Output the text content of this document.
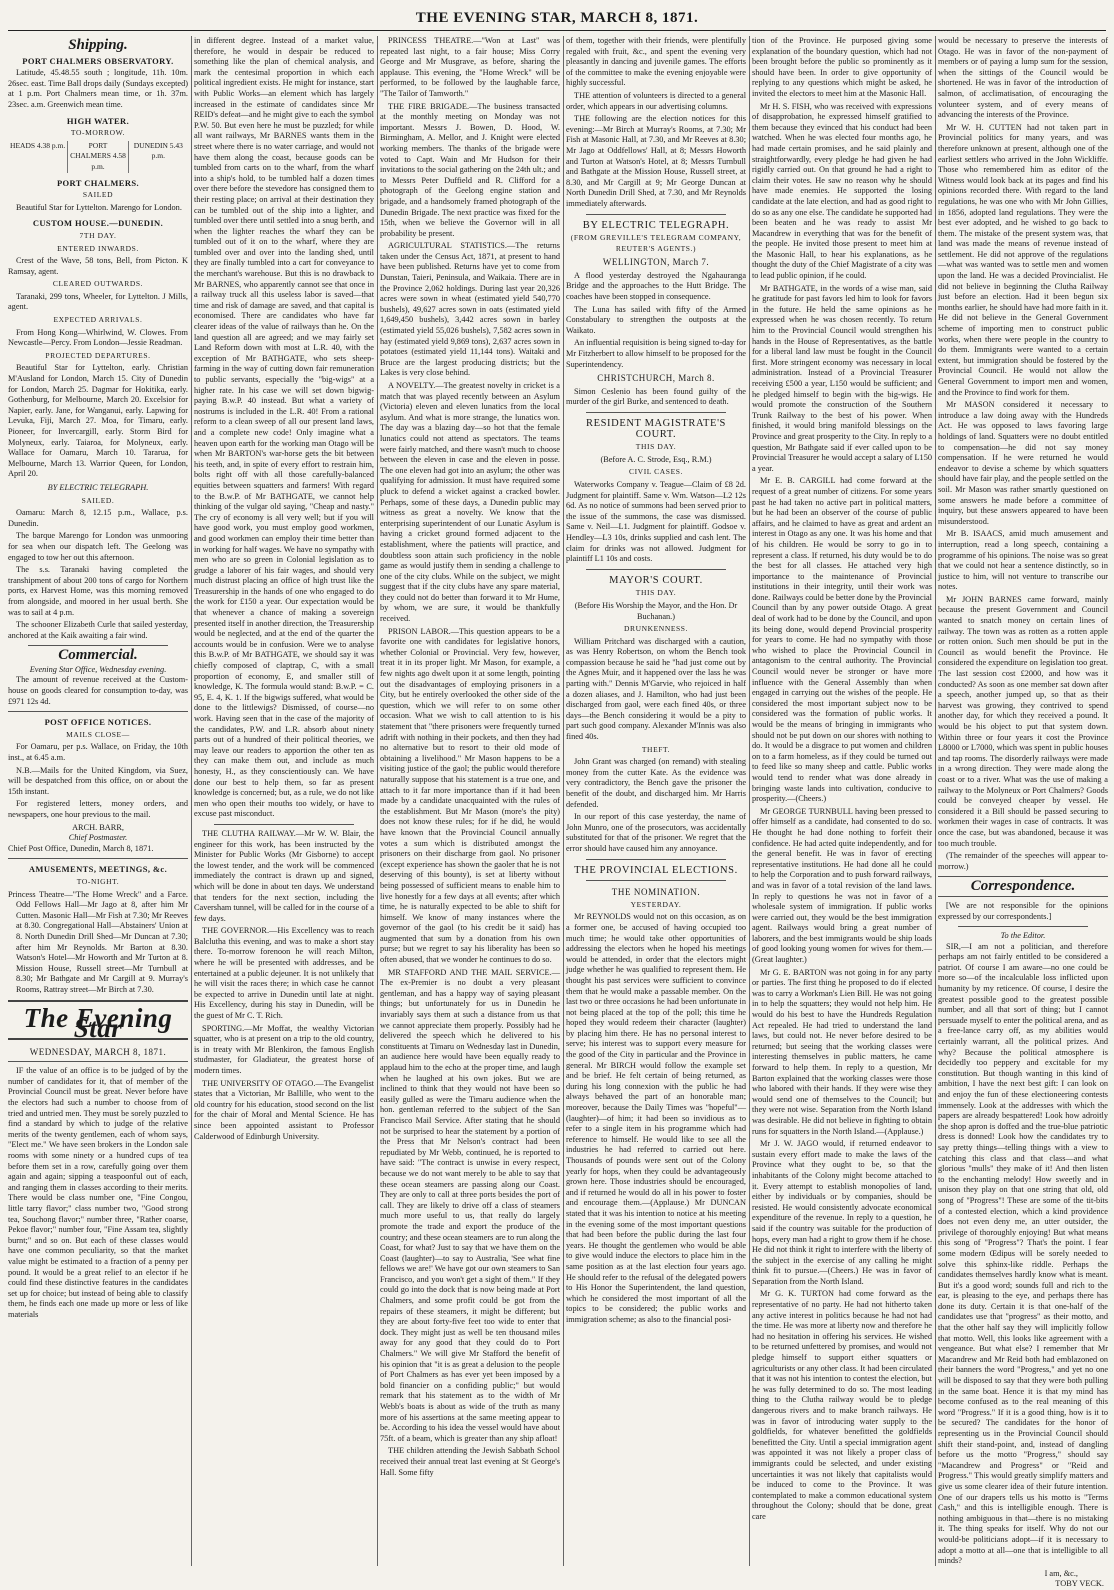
THE EVENING STAR, MARCH 8, 1871.
Shipping.
PORT CHALMERS OBSERVATORY.

Latitude, 45.48.55 south ; longitude, 11h. 10m. 26sec. east. Time Ball drops daily (Sundays excepted) at 1 p.m. Port Chalmers mean time, or 1h. 37m. 23sec. a.m. Greenwich mean time.

HIGH WATER.
TO-MORROW.
HEADS 4.38 p.m.	PORT CHALMERS 4.58 p.m.
DUNEDIN 5.43 p.m.
PORT CHALMERS.
SAILED

Beautiful Star for Lyttelton. Marengo for London.

CUSTOM HOUSE.—DUNEDIN.
7TH DAY.
ENTERED INWARDS.

Crest of the Wave, 58 tons, Bell, from Picton. K Ramsay, agent.

CLEARED OUTWARDS.

Taranaki, 299 tons, Wheeler, for Lyttelton. J Mills, agent.

EXPECTED ARRIVALS.

From Hong Kong—Whirlwind, W. Clowes. From Newcastle—Percy. From London—Jessie Readman.

PROJECTED DEPARTURES.

Beautiful Star for Lyttelton, early. Christian M'Ausland for London, March 15. City of Dunedin for London, March 25. Dagmar for Hokitika, early. Gothenburg, for Melbourne, March 20. Excelsior for Napier, early. Jane, for Wanganui, early. Lapwing for Levuka, Fiji, March 27. Moa, for Timaru, early. Pioneer, for Invercargill, early. Storm Bird for Molyneux, early. Taiaroa, for Molyneux, early. Wallace for Oamaru, March 10. Tararua, for Melbourne, March 13. Warrior Queen, for London, April 20.

BY ELECTRIC TELEGRAPH.
SAILED.

Oamaru: March 8, 12.15 p.m., Wallace, p.s. Dunedin.

The barque Marengo for London was unmooring for sea when our dispatch left. The Geelong was engaged to tow her out this afternoon.

The s.s. Taranaki having completed the transhipment of about 200 tons of cargo for Northern ports, ex Harvest Home, was this morning removed from alongside, and moored in her usual berth. She was to sail at 4 p.m.

The schooner Elizabeth Curle that sailed yesterday, anchored at the Kaik awaiting a fair wind.

Commercial.
Evening Star Office, Wednesday evening.

The amount of revenue received at the Custom-house on goods cleared for consumption to-day, was £971 12s 4d.

POST OFFICE NOTICES.
MAILS CLOSE—

For Oamaru, per p.s. Wallace, on Friday, the 10th inst., at 6.45 a.m.

N.B.—Mails for the United Kingdom, via Suez, will be despatched from this office, on or about the 15th instant.

For registered letters, money orders, and newspapers, one hour previous to the mail.

ARCH. BARR,
Chief Postmaster.

Chief Post Office, Dunedin, March 8, 1871.

AMUSEMENTS, MEETINGS, &c.
TO-NIGHT.

Princess Theatre—"The Home Wreck" and a Farce. Odd Fellows Hall—Mr Jago at 8, after him Mr Cutten. Masonic Hall—Mr Fish at 7.30; Mr Reeves at 8.30. Congregational Hall—Abstainers' Union at 8. North Dunedin Drill Shed—Mr Duncan at 7.30; after him Mr Reynolds. Mr Barton at 8.30. Watson's Hotel—Mr Howorth and Mr Turton at 8. Mission House, Russell street—Mr Turnbull at 8.30; Mr Bathgate and Mr Cargill at 9. Murray's Rooms, Rattray street—Mr Birch at 7.30.

The Evening Star
WEDNESDAY, MARCH 8, 1871.

IF the value of an office is to be judged of by the number of candidates for it, that of member of the Provincial Council must be great. Never before have the electors had such a number to choose from of tried and untried men. They must be sorely puzzled to find a standard by which to judge of the relative merits of the twenty gentlemen, each of whom says, "Elect me." We have seen brokers in the London sale rooms with some ninety or a hundred cups of tea before them set in a row, carefully going over them again and again; sipping a teaspoonful out of each, and ranging them in classes according to their merits. There would be class number one, "Fine Congou, little tarry flavor;" class number two, "Good strong tea, Souchong flavor;" number three, "Rather coarse, Pekoe flavor;" number four, "Fine Assam tea, slightly burnt;" and so on. But each of these classes would have one common peculiarity, so that the market value might be estimated to a fraction of a penny per pound. It would be a great relief to an elector if he could find these distinctive features in the candidates set up for choice; but instead of being able to classify them, he finds each one made up more or less of like materials

in different degree. Instead of a market value, therefore, he would in despair be reduced to something like the plan of chemical analysis, and mark the centesimal proportion in which each political ingredient exists. He might for instance, start with Public Works—an element which has largely increased in the estimate of candidates since Mr REID's defeat—and he might give to each the symbol P.W. 50. But even here he must be puzzled; for while all want railways, Mr BARNES wants them in the street where there is no water carriage, and would not have them along the coast, because goods can be tumbled from carts on to the wharf, from the wharf into a ship's hold, to be tumbled half a dozen times over there before the stevedore has consigned them to their resting place; on arrival at their destination they can be tumbled out of the ship into a lighter, and tumbled over there until settled into a snug berth, and when the lighter reaches the wharf they can be tumbled out of it on to the wharf, where they are tumbled over and over into the landing shed, until they are finally tumbled into a cart for conveyance to the merchant's warehouse. But this is no drawback to Mr BARNES, who apparently cannot see that once in a railway truck all this useless labor is saved—that time and risk of damage are saved, and that capital is economised. There are candidates who have far clearer ideas of the value of railways than he. On the land question all are agreed; and we may fairly set Land Reform down with most at L.R. 40, with the exception of Mr BATHGATE, who sets sheep-farming in the way of cutting down fair remuneration to public servants, especially the "big-wigs" at a higher rate. In his case we will set down bigwig-paying B.w.P. 40 instead. But what a variety of nostrums is included in the L.R. 40! From a rational reform to a clean sweep of all our present land laws, and a complete new code! Only imagine what a heaven upon earth for the working man Otago will be when Mr BARTON's war-horse gets the bit between his teeth, and, in spite of every effort to restrain him, bolts right off with all those carefully-balanced equities between squatters and farmers! With regard to the B.w.P. of Mr BATHGATE, we cannot help thinking of the vulgar old saying, "Cheap and nasty." The cry of economy is all very well; but if you will have good work, you must employ good workmen, and good workmen can employ their time better than in working for half wages. We have no sympathy with men who are so green in Colonial legislation as to grudge a laborer of his fair wages, and should very much distrust placing an office of high trust like the Treasurership in the hands of one who engaged to do the work for £150 a year. Our expectation would be that whenever a chance of making a sovereign presented itself in another direction, the Treasurership would be neglected, and at the end of the quarter the accounts would be in confusion. Were we to analyse this B.w.P. of Mr BATHGATE, we should say it was chiefly composed of claptrap, C, with a small proportion of economy, E, and smaller still of knowledge, K. The formula would stand: B.w.P. = C. 95, E. 4, K. 1. If the bigwigs suffered, what would be done to the littlewigs? Dismissed, of course—no work. Having seen that in the case of the majority of the candidates, P.W. and L.R. absorb about ninety parts out of a hundred of their political theories, we may leave our readers to apportion the other ten as they can make them out, and include as much honesty, H., as they conscientiously can. We have done our best to help them, so far as present knowledge is concerned; but, as a rule, we do not like men who open their mouths too widely, or have to excuse past misconduct.

THE CLUTHA RAILWAY.—Mr W. W. Blair, the engineer for this work, has been instructed by the Minister for Public Works (Mr Gisborne) to accept the lowest tender, and the work will be commenced immediately the contract is drawn up and signed, which will be done in about ten days. We understand that tenders for the next section, including the Caversham tunnel, will be called for in the course of a few days.

THE GOVERNOR.—His Excellency was to reach Balclutha this evening, and was to make a short stay there. To-morrow forenoon he will reach Milton, where he will be presented with addresses, and be entertained at a public dejeuner. It is not unlikely that he will visit the races there; in which case he cannot be expected to arrive in Dunedin until late at night. His Excellency, during his stay in Dunedin, will be the guest of Mr C. T. Rich.

SPORTING.—Mr Moffat, the wealthy Victorian squatter, who is at present on a trip to the old country, is in treaty with Mr Blenkiron, the famous English studmaster, for Gladiateur, the greatest horse of modern times.

THE UNIVERSITY OF OTAGO.—The Evangelist states that a Victorian, Mr Ballille, who went to the old country for his education, stood second on the list for the chair of Moral and Mental Science. He has since been appointed assistant to Professor Calderwood of Edinburgh University.

PRINCESS THEATRE.—"Won at Last" was repeated last night, to a fair house; Miss Corry George and Mr Musgrave, as before, sharing the applause. This evening, the "Home Wreck" will be performed, to be followed by the laughable farce, "The Tailor of Tamworth."

THE FIRE BRIGADE.—The business transacted at the monthly meeting on Monday was not important. Messrs J. Bowen, D. Hood, W. Birmingham, A. Mellor, and J. Knight were elected working members. The thanks of the brigade were voted to Capt. Wain and Mr Hudson for their invitations to the social gathering on the 24th ult.; and to Messrs Peter Duffield and R. Clifford for a photograph of the Geelong engine station and brigade, and a handsomely framed photograph of the Dunedin Brigade. The next practice was fixed for the 15th, when we believe the Governor will in all probability be present.

AGRICULTURAL STATISTICS.—The returns taken under the Census Act, 1871, at present to hand have been published. Returns have yet to come from Dunstan, Taieri, Peninsula, and Waikaia. There are in the Province 2,062 holdings. During last year 20,326 acres were sown in wheat (estimated yield 540,770 bushels), 49,627 acres sown in oats (estimated yield 1,649,450 bushels), 3,442 acres sown in barley (estimated yield 55,026 bushels), 7,582 acres sown in hay (estimated yield 9,869 tons), 2,637 acres sown in potatoes (estimated yield 11,144 tons). Waitaki and Bruce are the largest producing districts; but the Lakes is very close behind.

A NOVELTY.—The greatest novelty in cricket is a match that was played recently between an Asylum (Victoria) eleven and eleven lunatics from the local asylum. And what is more strange, the lunatics won. The day was a blazing day—so hot that the female lunatics could not attend as spectators. The teams were fairly matched, and there wasn't much to choose between the eleven in case and the eleven in posse. The one eleven had got into an asylum; the other was qualifying for admission. It must have required some pluck to defend a wicket against a cracked bowler. Perhaps, some of these days, a Dunedin public may witness as great a novelty. We know that the enterprising superintendent of our Lunatic Asylum is having a cricket ground formed adjacent to the establishment, where the patients will practice, and doubtless soon attain such proficiency in the noble game as would justify them in sending a challenge to one of the city clubs. While on the subject, we might suggest that if the city clubs have any spare material, they could not do better than forward it to Mr Hume, by whom, we are sure, it would be thankfully received.

PRISON LABOR.—This question appears to be a favorite one with candidates for legislative honors, whether Colonial or Provincial. Very few, however, treat it in its proper light. Mr Mason, for example, a few nights ago dwelt upon it at some length, pointing out the disadvantages of employing prisoners in a City, but he entirely overlooked the other side of the question, which we will refer to on some other occasion. What we wish to call attention to is his statement that "there prisoners were frequently turned adrift with nothing in their pockets, and then they had no alternative but to resort to their old mode of obtaining a livelihood." Mr Mason happens to be a visiting justice of the gaol; the public would therefore naturally suppose that his statement is a true one, and attach to it far more importance than if it had been made by a candidate unacquainted with the rules of the establishment. But Mr Mason (more's the pity) does not know these rules; for if he did, he would have known that the Provincial Council annually votes a sum which is distributed amongst the prisoners on their discharge from gaol. No prisoner (except experience has shown the gaoler that he is not deserving of this bounty), is set at liberty without being possessed of sufficient means to enable him to live honestly for a few days at all events; after which time, he is naturally expected to be able to shift for himself. We know of many instances where the governor of the gaol (to his credit be it said) has augmented that sum by a donation from his own purse; but we regret to say his liberality has been so often abused, that we wonder he continues to do so.

MR STAFFORD AND THE MAIL SERVICE.—The ex-Premier is no doubt a very pleasant gentleman, and has a happy way of saying pleasant things; but unfortunately for us in Dunedin he invariably says them at such a distance from us that we cannot appreciate them properly. Possibly had he delivered the speech which he delivered to his constituents at Timaru on Wednesday last in Dunedin, an audience here would have been equally ready to applaud him to the echo at the proper time, and laugh when he laughed at his own jokes. But we are inclined to think that they would not have been so easily gulled as were the Timaru audience when the hon. gentleman referred to the subject of the San Francisco Mail Service. After stating that he should not be surprised to hear the statement by a portion of the Press that Mr Nelson's contract had been repudiated by Mr Webb, continued, he is reported to have said: "The contract is unwise in every respect, because we do not want merely to be able to say that these ocean steamers are passing along our Coast. They are only to call at three ports besides the port of call. They are likely to drive off a class of steamers much more useful to us, that really do largely promote the trade and export the produce of the country; and these ocean steamers are to run along the Coast, for what? Just to say that we have them on the Coast (laughter)—to say to Australia, 'See what fine fellows we are!' We have got our own steamers to San Francisco, and you won't get a sight of them." If they could go into the dock that is now being made at Port Chalmers, and some profit could be got from the repairs of these steamers, it might be different; but they are about forty-five feet too wide to enter that dock. They might just as well be ten thousand miles away for any good that they could do to Port Chalmers." We will give Mr Stafford the benefit of his opinion that "it is as great a delusion to the people of Port Chalmers as has ever yet been imposed by a bold financier on a confiding public;" but would remark that his statement as to the width of Mr Webb's boats is about as wide of the truth as many more of his assertions at the same meeting appear to be. According to his idea the vessel would have about 75ft. of a beam, which is greater than any ship afloat!

THE children attending the Jewish Sabbath School received their annual treat last evening at St George's Hall. Some fifty

of them, together with their friends, were plentifully regaled with fruit, &c., and spent the evening very pleasantly in dancing and juvenile games. The efforts of the committee to make the evening enjoyable were highly successful.

THE attention of volunteers is directed to a general order, which appears in our advertising columns.

THE following are the election notices for this evening:—Mr Birch at Murray's Rooms, at 7.30; Mr Fish at Masonic Hall, at 7.30, and Mr Reeves at 8.30; Mr Jago at Oddfellows' Hall, at 8; Messrs Howorth and Turton at Watson's Hotel, at 8; Messrs Turnbull and Bathgate at the Mission House, Russell street, at 8.30, and Mr Cargill at 9; Mr George Duncan at North Dunedin Drill Shed, at 7.30, and Mr Reynolds immediately afterwards.

BY ELECTRIC TELEGRAPH.
(FROM GREVILLE'S TELEGRAM COMPANY, REUTER'S AGENTS.)
WELLINGTON, March 7.

A flood yesterday destroyed the Ngahauranga Bridge and the approaches to the Hutt Bridge. The coaches have been stopped in consequence.

The Luna has sailed with fifty of the Armed Constabulary to strengthen the outposts at the Waikato.

An influential requisition is being signed to-day for Mr Fitzherbert to allow himself to be proposed for the Superintendency.

CHRISTCHURCH, March 8.

Simon Ceslenio has been found guilty of the murder of the girl Burke, and sentenced to death.

RESIDENT MAGISTRATE'S COURT.
THIS DAY.
(Before A. C. Strode, Esq., R.M.)
CIVIL CASES.

Waterworks Company v. Teague—Claim of £8 2d. Judgment for plaintiff. Same v. Wm. Watson—L2 12s 6d. As no notice of summons had been served prior to the issue of the summons, the case was dismissed. Same v. Neil—L1. Judgment for plaintiff. Godsoe v. Hendley—L3 10s, drinks supplied and cash lent. The claim for drinks was not allowed. Judgment for plaintiff L1 10s and costs.

MAYOR'S COURT.
THIS DAY.
(Before His Worship the Mayor, and the Hon. Dr Buchanan.)
DRUNKENNESS.

William Pritchard was discharged with a caution, as was Henry Robertson, on whom the Bench took compassion because he said he "had just come out by the Agnes Muir, and it happened over the lass he was parting with." Dennis M'Garvie, who rejoiced in half a dozen aliases, and J. Hamilton, who had just been discharged from gaol, were each fined 40s, or three days—the Bench considering it would be a pity to part such good company. Alexander M'Innis was also fined 40s.

THEFT.

John Grant was charged (on remand) with stealing money from the cutter Kate. As the evidence was very contradictory, the Bench gave the prisoner the benefit of the doubt, and discharged him. Mr Harris defended.

In our report of this case yesterday, the name of John Munro, one of the prosecutors, was accidentally substituted for that of the prisoner. We regret that the error should have caused him any annoyance.

THE PROVINCIAL ELECTIONS.
THE NOMINATION.
YESTERDAY.

Mr REYNOLDS would not on this occasion, as on a former one, be accused of having occupied too much time; he would take other opportunities of addressing the electors when he hoped his meetings would be attended, in order that the electors might judge whether he was qualified to represent them. He thought his past services were sufficient to convince them that he would make a passable member. On the last two or three occasions he had been unfortunate in not being placed at the top of the poll; this time he hoped they would redeem their character (laughter) by placing him there. He has no personal interest to serve; his interest was to support every measure for the good of the City in particular and the Province in general. Mr BIRCH would follow the example set and be brief. He felt certain of being returned, as during his long connexion with the public he had always behaved the part of an honorable man; moreover, because the Daily Times was "hopeful"—(laughter)—of him; it had been so invidious as to refer to a single item in his programme which had reference to himself. He would like to see all the industries he had referred to carried out here. Thousands of pounds were sent out of the Colony yearly for hops, when they could be advantageously grown here. Those industries should be encouraged, and if returned he would do all in his power to foster and encourage them.—(Applause.) Mr DUNCAN stated that it was his intention to notice at his meeting in the evening some of the most important questions that had been before the public during the last four years. He thought the gentlemen who would be able to give would induce the electors to place him in the same position as at the last election four years ago. He should refer to the refusal of the delegated powers to His Honor the Superintendent, the land question, which he considered the most important of all the topics to be considered; the public works and immigration scheme; as also to the financial posi-

tion of the Province. He purposed giving some explanation of the boundary question, which had not been brought before the public so prominently as it should have been. In order to give opportunity of replying to any questions which might be asked, he invited the electors to meet him at the Masonic Hall.

Mr H. S. FISH, who was received with expressions of disapprobation, he expressed himself gratified to them because they evinced that his conduct had been watched. When he was elected four months ago, he had made certain promises, and he said plainly and straightforwardly, every pledge he had given he had rigidly carried out. On that ground he had a right to claim their votes. He saw no reason why he should have made enemies. He supported the losing candidate at the late election, and had as good right to do so as any one else. The candidate he supported had been beaten and he was ready to assist Mr Macandrew in everything that was for the benefit of the people. He invited those present to meet him at the Masonic Hall, to hear his explanations, as he thought the duty of the Chief Magistrate of a city was to lead public opinion, if he could.

Mr BATHGATE, in the words of a wise man, said he gratitude for past favors led him to look for favors in the future. He held the same opinions as he expressed when he was chosen recently. To return him to the Provincial Council would strengthen his hands in the House of Representatives, as the battle for a liberal land law must be fought in the Council first. More stringent economy was necessary in local administration. Instead of a Provincial Treasurer receiving £500 a year, L150 would be sufficient; and he pledged himself to begin with the big-wigs. He would promote the construction of the Southern Trunk Railway to the best of his power. When finished, it would bring manifold blessings on the Province and great prosperity to the City. In reply to a question, Mr Bathgate said if ever called upon to be Provincial Treasurer he would accept a salary of L150 a year.

Mr E. B. CARGILL had come forward at the request of a great number of citizens. For some years past he had taken no active part in political matters, but he had been an observer of the course of public affairs, and he claimed to have as great and ardent an interest in Otago as any one. It was his home and that of his children. He would be sorry to go in to represent a class. If returned, his duty would be to do the best for all classes. He attached very high importance to the maintenance of Provincial institutions in their integrity, until their work was done. Railways could be better done by the Provincial Council than by any power outside Otago. A great deal of work had to be done by the Council, and upon its being done, would depend Provincial prosperity for years to come. He had no sympathy with those who wished to place the Provincial Council in antagonism to the central authority. The Provincial Council would never be stronger or have more influence with the General Assembly than when engaged in carrying out the wishes of the people. He considered the most important subject now to be considered was the formation of public works. It would be the means of bringing in immigrants who should not be put down on our shores with nothing to do. It would be a disgrace to put women and children on to a farm homeless, as if they could be turned out to feed like so many sheep and cattle. Public works would tend to render what was done already in bringing waste lands into cultivation, conducive to prosperity.—(Cheers.)

Mr GEORGE TURNBULL having been pressed to offer himself as a candidate, had consented to do so. He thought he had done nothing to forfeit their confidence. He had acted quite independently, and for the general benefit. He was in favor of erecting representative institutions. He had done all he could to help the Corporation and to push forward railways, and was in favor of a total revision of the land laws. In reply to questions he was not in favor of a wholesale system of immigration. If public works were carried out, they would be the best immigration agent. Railways would bring a great number of laborers, and the best immigrants would be ship loads of good looking young women for wives for them.—(Great laughter.)

Mr G. E. BARTON was not going in for any party or parties. The first thing he proposed to do if elected was to carry a Workman's Lien Bill. He was not going in to help the squatters; they would not help him. He would do his best to have the Hundreds Regulation Act repealed. He had tried to understand the land laws, but could not. He never before desired to be returned; but seeing that the working classes were interesting themselves in public matters, he came forward to help them. In reply to a question, Mr Barton explained that the working classes were those who labored with their hands. If they were wise they would send one of themselves to the Council; but they were not wise. Separation from the North Island was desirable. He did not believe in fighting to obtain runs for squatters in the North Island.—(Applause.)

Mr J. W. JAGO would, if returned endeavor to sustain every effort made to make the laws of the Province what they ought to be, so that the inhabitants of the Colony might become attached to it. Every attempt to establish monopolies of land, either by individuals or by companies, should be resisted. He would consistently advocate economical expenditure of the revenue. In reply to a question, he said if the country was suitable for the production of hops, every man had a right to grow them if he chose. He did not think it right to interfere with the liberty of the subject in the exercise of any calling he might think fit to pursue.—(Cheers.) He was in favor of Separation from the North Island.

Mr G. K. TURTON had come forward as the representative of no party. He had not hitherto taken any active interest in politics because he had not had the time. He was more at liberty now and therefore he had no hesitation in offering his services. He wished to be returned unfettered by promises, and would not pledge himself to support either squatters or agriculturists or any other class. It had been circulated that it was not his intention to contest the election, but he was fully determined to do so. The most leading thing to the Clutha railway would be to pledge dangerous rivers and to make branch railways. He was in favor of introducing water supply to the goldfields, for whatever benefitted the goldfields benefitted the City. Until a special immigration agent was appointed it was not likely a proper class of immigrants could be selected, and under existing uncertainties it was not likely that capitalists would be induced to come to the Province. It was contemplated to make a common educational system throughout the Colony; should that be done, great care

would be necessary to preserve the interests of Otago. He was in favor of the non-payment of members or of paying a lump sum for the session, when the sittings of the Council would be shortened. He was in favor of the introduction of salmon, of acclimatisation, of encouraging the volunteer system, and of every means of advancing the interests of the Province.

Mr W. H. CUTTEN had not taken part in Provincial politics for many years, and was therefore unknown at present, although one of the earliest settlers who arrived in the John Wickliffe. Those who remembered him as editor of the Witness would look back at its pages and find his opinions recorded there. With regard to the land regulations, he was one who with Mr John Gillies, in 1856, adopted land regulations. They were the best ever adopted, and he wished to go back to them. The mistake of the present system was, that land was made the means of revenue instead of settlement. He did not approve of the regulations—what was wanted was to settle men and women upon the land. He was a decided Provincialist. He did not believe in beginning the Clutha Railway just before an election. Had it been begun six months earlier, he should have had more faith in it. He did not believe in the General Government scheme of importing men to construct public works, when there were people in the country to do them. Immigrants were wanted to a certain extent, but immigration should be fostered by the Provincial Council. He would not allow the General Government to import men and women, and the Province to find work for them.

Mr MASON considered it necessary to introduce a law doing away with the Hundreds Act. He was opposed to laws favoring large holdings of land. Squatters were no doubt entitled to compensation—he did not say money compensation. If he were returned he would endeavor to devise a scheme by which squatters should have fair play, and the people settled on the soil. Mr Mason was rather smartly questioned on some answers he made before a committee of inquiry, but these answers appeared to have been misunderstood.

Mr B. ISAACS, amid much amusement and interruption, read a long speech, containing a programme of his opinions. The noise was so great that we could not hear a sentence distinctly, so in justice to him, will not venture to transcribe our notes.

Mr JOHN BARNES came forward, mainly because the present Government and Council wanted to snatch money on certain lines of railway. The town was as rotten as a rotten apple or rotten onion. Such men should be put in the Council as would benefit the Province. He considered the expenditure on legislation too great. The last session cost £2000, and how was it conducted? As soon as one member sat down after a speech, another jumped up, so that as their harvest was growing, they contrived to spend another day, for which they received a pound. It would be his object to put that system down. Within three or four years it cost the Province L8000 or L7000, which was spent in public houses and tap rooms. The disorderly railways were made in a wrong direction. They were made along the coast or to a river. What was the use of making a railway to the Molyneux or Port Chalmers? Goods could be conveyed cheaper by vessel. He considered it a Bill should be passed securing to workmen their wages in case of contracts. It was once the case, but was abandoned, because it was too much trouble.

(The remainder of the speeches will appear to-morrow.)

Correspondence.

[We are not responsible for the opinions expressed by our correspondents.]

To the Editor.

SIR,—I am not a politician, and therefore perhaps am not fairly entitled to be considered a patriot. Of course I am aware—no one could be more so—of the incalculable loss inflicted upon humanity by my reticence. Of course, I desire the greatest possible good to the greatest possible number, and all that sort of thing; but I cannot persuade myself to enter the political arena, and as a free-lance carry off, as my abilities would certainly warrant, all the political prizes. And why? Because the political atmosphere is decidedly too peppery and excitable for my constitution. But though wanting in this kind of ambition, I have the next best gift: I can look on and enjoy the fun of these electioneering contests immensely. Look at the addresses with which the papers are already bespattered! Look how adroitly the shop apron is doffed and the true-blue patriotic dress is donned! Look how the candidates try to say pretty things—telling things with a view to catching this class and that class—and what glorious "mulls" they make of it! And then listen to the enchanting melody! How sweetly and in unison they play on that one string that old, old song of "Progress"! These are some of the tit-bits of a contested election, which a kind providence does not even deny me, an utter outsider, the privilege of thoroughly enjoying! But what means this song of "Progress"? That's the point. I fear some modern Œdipus will be sorely needed to solve this sphinx-like riddle. Perhaps the candidates themselves hardly know what is meant. But it's a good word; sounds full and rich to the ear, is pleasing to the eye, and perhaps there has done its duty. Certain it is that one-half of the candidates use that "progress" as their motto, and that the other half say they will implicitly follow that motto. Well, this looks like agreement with a vengeance. But what else? I remember that Mr Macandrew and Mr Reid both had emblazoned on their banners the word "Progress," and yet no one will be disposed to say that they were both pulling in the same boat. Hence it is that my mind has become confused as to the real meaning of this word "Progress." If it is a good thing, how is it to be secured? The candidates for the honor of representing us in the Provincial Council should shift their stand-point, and, instead of dangling before us the motto "Progress," should say "Macandrew and Progress" or "Reid and Progress." This would greatly simplify matters and give us some clearer idea of their future intention. One of our drapers tells us his motto is "Terms Cash," and this is intelligible enough. There is nothing ambiguous in that—there is no mistaking it. The thing speaks for itself. Why do not our would-be politicians adopt—if it is necessary to adopt a motto at all—one that is intelligible to all minds?

I am, &c.,
TOBY VECK.
